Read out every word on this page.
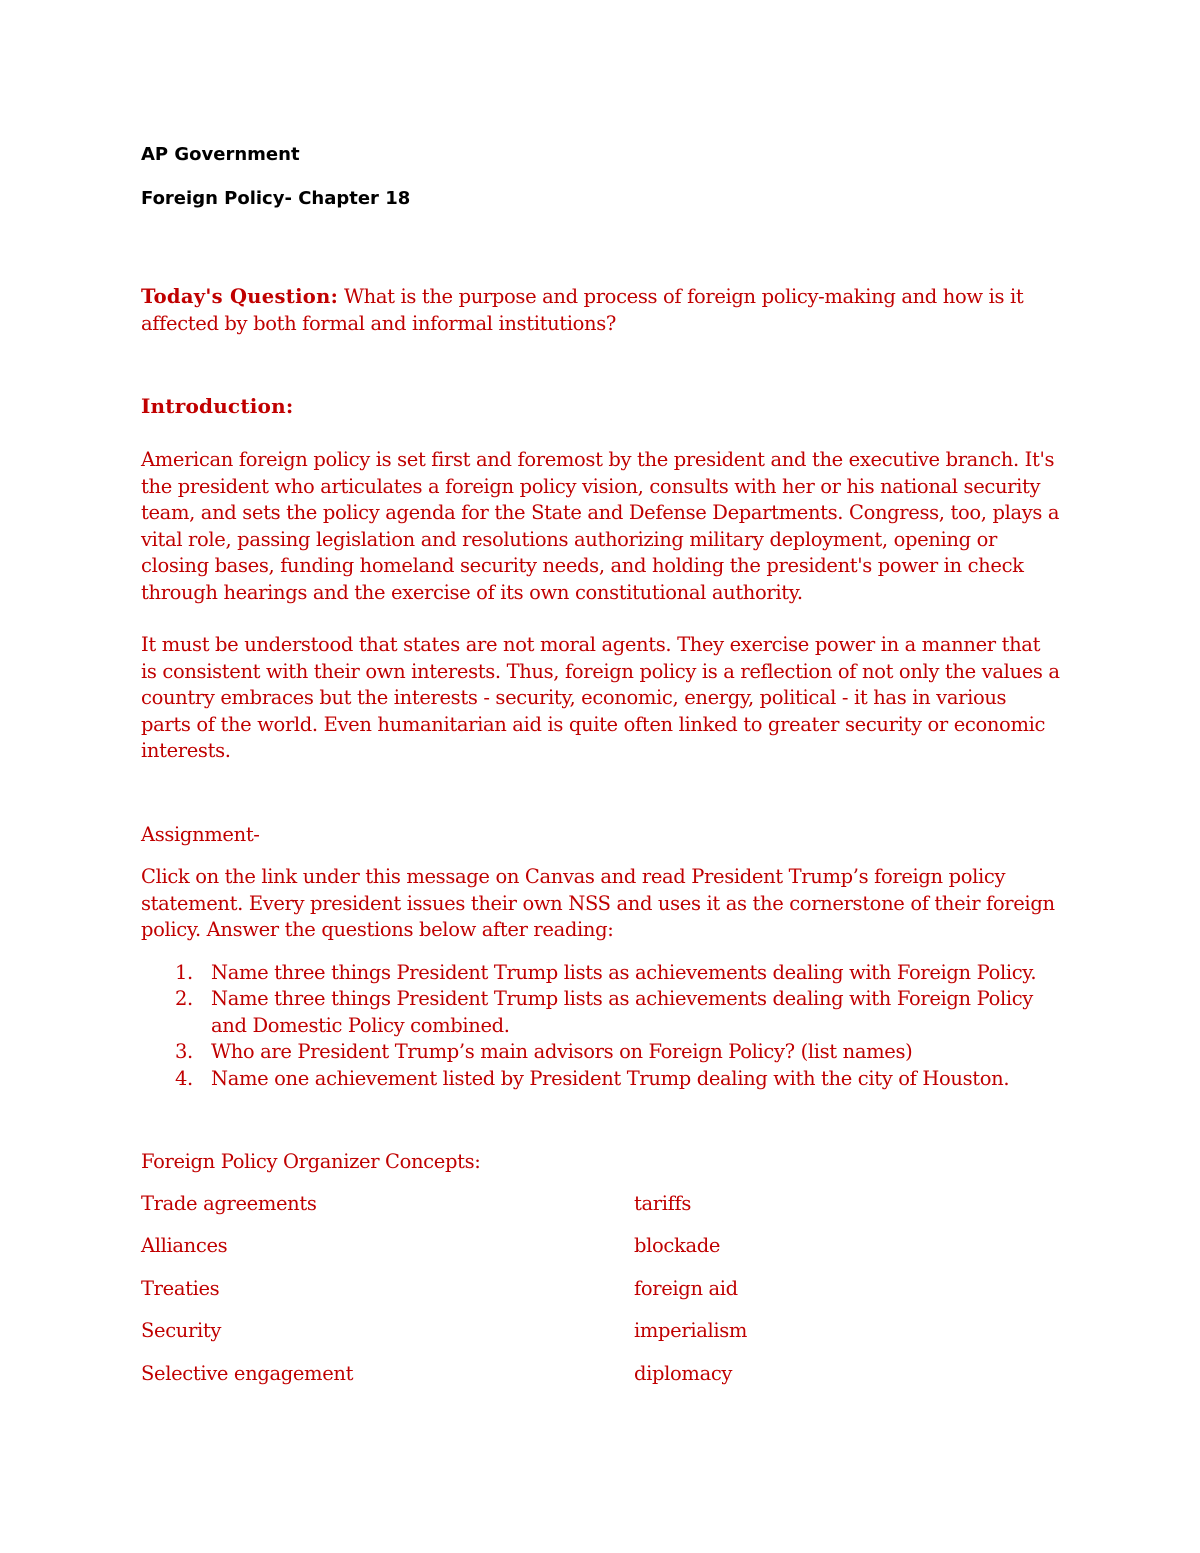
AP Government

Foreign Policy- Chapter 18

Today's Question: What is the purpose and process of foreign policy-making and how is it affected by both formal and informal institutions?

Introduction:

American foreign policy is set first and foremost by the president and the executive branch. It's the president who articulates a foreign policy vision, consults with her or his national security team, and sets the policy agenda for the State and Defense Departments. Congress, too, plays a vital role, passing legislation and resolutions authorizing military deployment, opening or closing bases, funding homeland security needs, and holding the president's power in check through hearings and the exercise of its own constitutional authority.

It must be understood that states are not moral agents. They exercise power in a manner that is consistent with their own interests. Thus, foreign policy is a reflection of not only the values a country embraces but the interests - security, economic, energy, political - it has in various parts of the world. Even humanitarian aid is quite often linked to greater security or economic interests.

Assignment-

Click on the link under this message on Canvas and read President Trump’s foreign policy statement. Every president issues their own NSS and uses it as the cornerstone of their foreign policy. Answer the questions below after reading:

1. Name three things President Trump lists as achievements dealing with Foreign Policy.
2. Name three things President Trump lists as achievements dealing with Foreign Policy and Domestic Policy combined.
3. Who are President Trump’s main advisors on Foreign Policy? (list names)
4. Name one achievement listed by President Trump dealing with the city of Houston.

Foreign Policy Organizer Concepts:

Trade agreements	tariffs
Alliances	blockade
Treaties	foreign aid
Security	imperialism
Selective engagement	diplomacy
